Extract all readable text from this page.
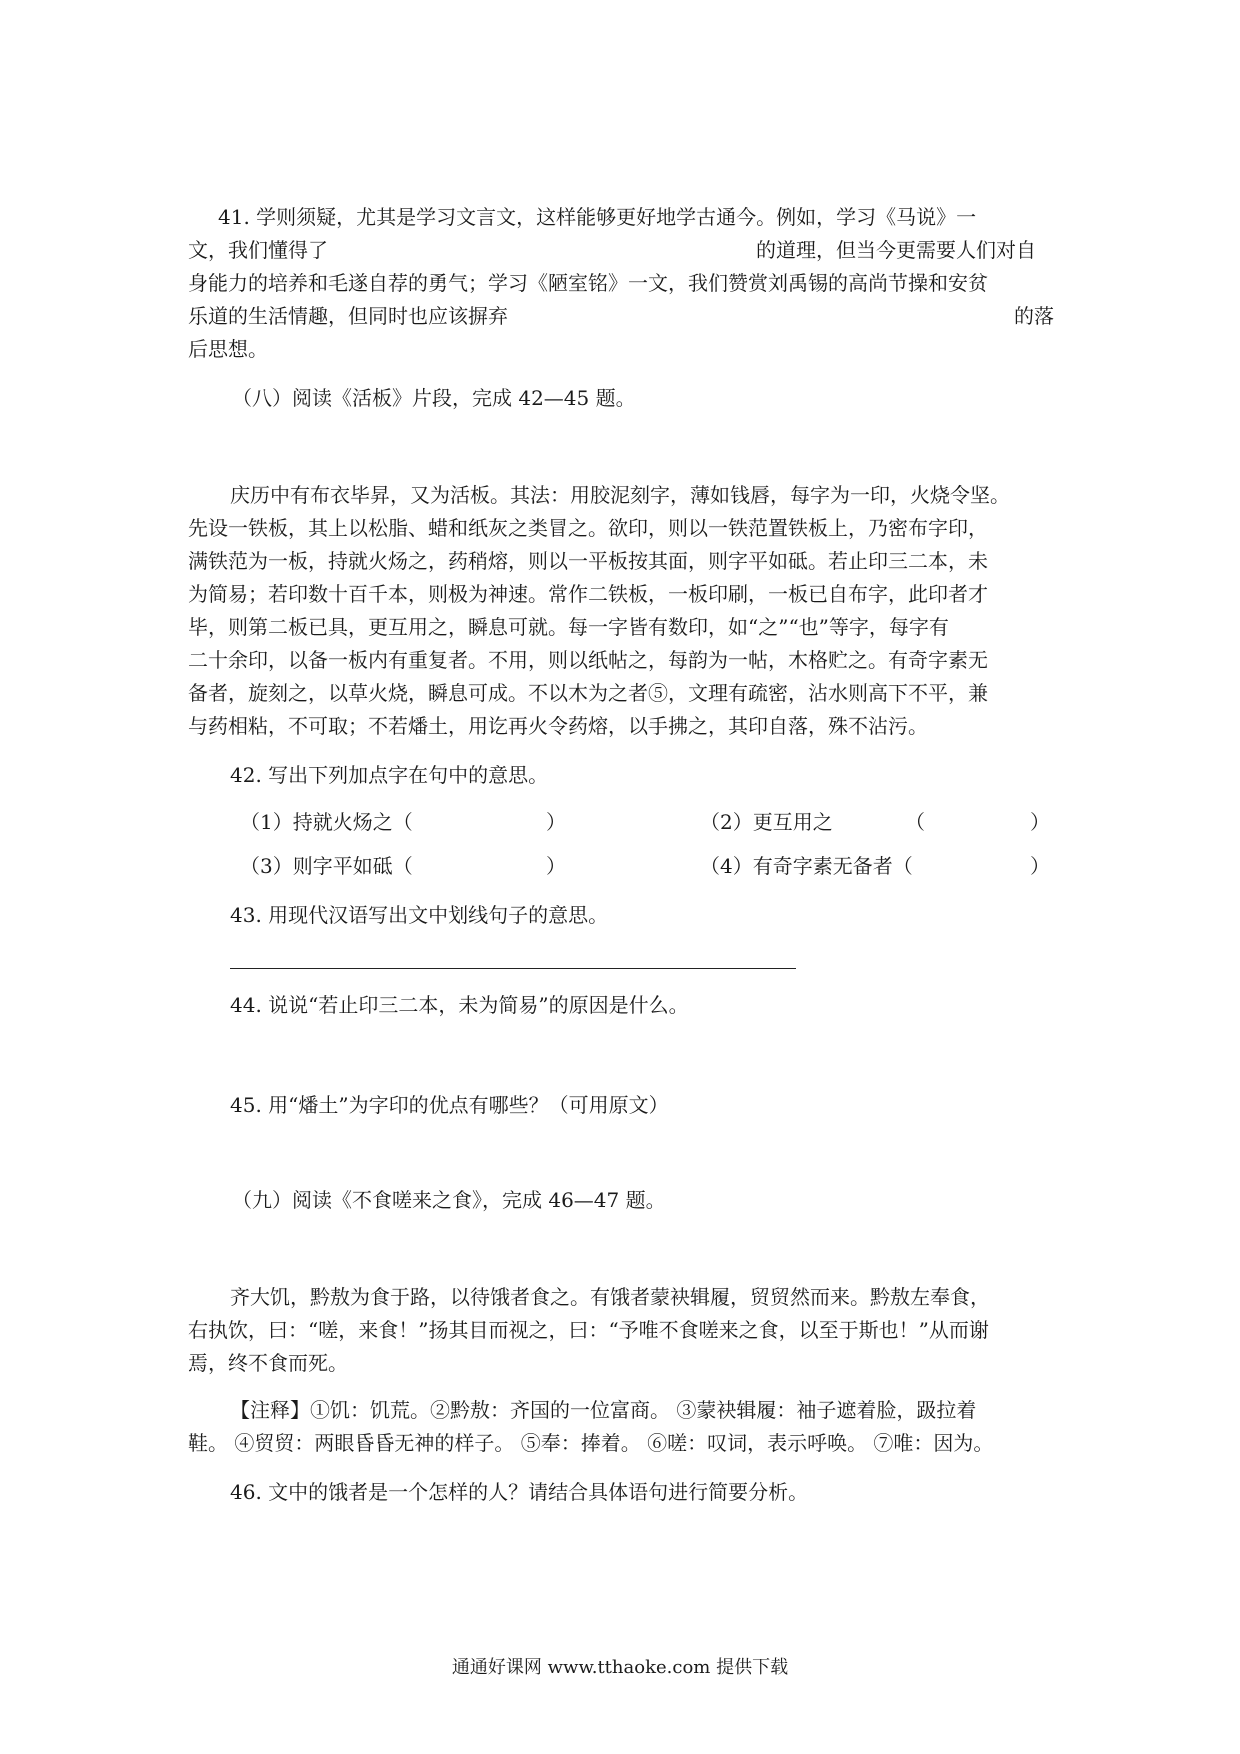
41. 学则须疑，尤其是学习文言文，这样能够更好地学古通今。例如，学习《马说》一
文，我们懂得了	的道理，但当今更需要人们对自
身能力的培养和毛遂自荐的勇气；学习《陋室铭》一文，我们赞赏刘禹锡的高尚节操和安贫
乐道的生活情趣，但同时也应该摒弃	的落
后思想。
（八）阅读《活板》片段，完成 42—45 题。
庆历中有布衣毕昇，又为活板。其法：用胶泥刻字，薄如钱唇，每字为一印，火烧令坚。
先设一铁板，其上以松脂、蜡和纸灰之类冒之。欲印，则以一铁范置铁板上，乃密布字印，
满铁范为一板，持就火炀之，药稍熔，则以一平板按其面，则字平如砥。若止印三二本，未
为简易；若印数十百千本，则极为神速。常作二铁板，一板印刷，一板已自布字，此印者才
毕，则第二板已具，更互用之，瞬息可就。每一字皆有数印，如“之”“也”等字，每字有
二十余印，以备一板内有重复者。不用，则以纸帖之，每韵为一帖，木格贮之。有奇字素无
备者，旋刻之，以草火烧，瞬息可成。不以木为之者⑤，文理有疏密，沾水则高下不平，兼
与药相粘，不可取；不若燔土，用讫再火令药熔，以手拂之，其印自落，殊不沾污。
42. 写出下列加点字在句中的意思。
（1）持就火炀之（	）	（2）更互用之	（	）
（3）则字平如砥（	）	（4）有奇字素无备者（	）
43. 用现代汉语写出文中划线句子的意思。
44. 说说“若止印三二本，未为简易”的原因是什么。
45. 用“燔土”为字印的优点有哪些？（可用原文）
（九）阅读《不食嗟来之食》，完成 46—47 题。
齐大饥，黔敖为食于路，以待饿者食之。有饿者蒙袂辑履，贸贸然而来。黔敖左奉食，
右执饮，曰：“嗟，来食！”扬其目而视之，曰：“予唯不食嗟来之食，以至于斯也！”从而谢
焉，终不食而死。
【注释】①饥：饥荒。②黔敖：齐国的一位富商。 ③蒙袂辑履：袖子遮着脸，趿拉着
鞋。 ④贸贸：两眼昏昏无神的样子。 ⑤奉：捧着。 ⑥嗟：叹词，表示呼唤。 ⑦唯：因为。
46. 文中的饿者是一个怎样的人？请结合具体语句进行简要分析。
通通好课网 www.tthaoke.com 提供下载
